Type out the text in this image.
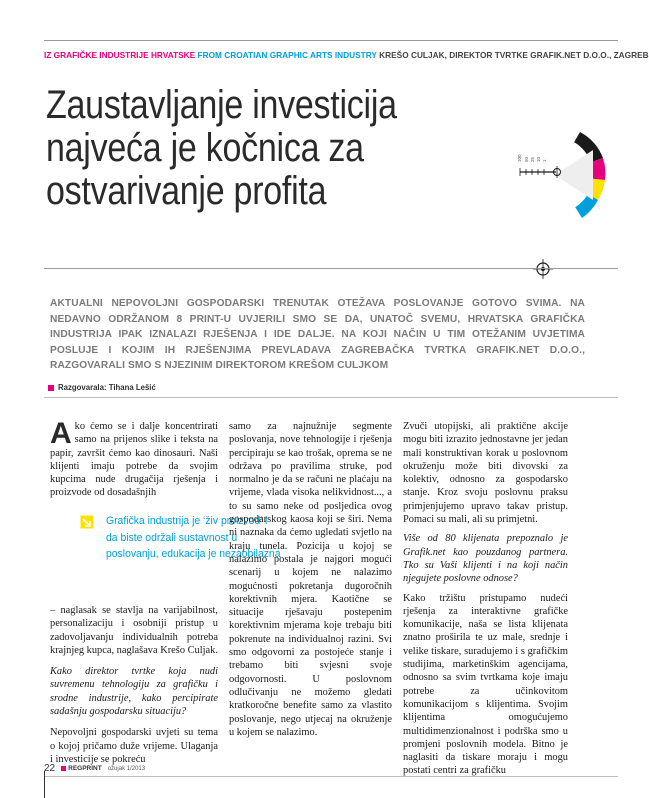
IZ GRAFIČKE INDUSTRIJE HRVATSKE FROM CROATIAN GRAPHIC ARTS INDUSTRY KREŠO CULJAK, DIREKTOR TVRTKE GRAFIK.NET D.O.O., ZAGREB
Zaustavljanje investicija
najveća je kočnica za
ostvarivanje profita
100 50 25 10 1

AKTUALNI NEPOVOLJNI GOSPODARSKI TRENUTAK OTEŽAVA POSLOVANJE GOTOVO SVIMA. NA NEDAVNO ODRŽANOM 8 PRINT-U UVJERILI SMO SE DA, UNATOČ SVEMU, HRVATSKA GRAFIČKA INDUSTRIJA IPAK IZNALAZI RJEŠENJA I IDE DALJE. NA KOJI NAČIN U TIM OTEŽANIM UVJETIMA POSLUJE I KOJIM IH RJEŠENJIMA PREVLADAVA ZAGREBAČKA TVRTKA GRAFIK.NET D.O.O., RAZGOVARALI SMO S NJEZINIM DIREKTOROM KREŠOM CULJKOM

Razgovarala: Tihana Lešić

Ako ćemo se i dalje koncentrirati samo na prijenos slike i teksta na papir, završit ćemo kao dinosauri. Naši klijenti imaju potrebe da svojim kupcima nude drugačija rješenja i proizvode od dosadašnjih

Grafička industrija je ‘živ proizvod’ i da biste održali sustavnost u poslovanju, edukacija je nezaobilazna

– naglasak se stavlja na varijabilnost, personalizaciju i osobniji pristup u zadovoljavanju individualnih potreba krajnjeg kupca, naglašava Krešo Culjak.

Kako direktor tvrtke koja nudi suvremenu tehnologiju za grafičku i srodne industrije, kako percipirate sadašnju gospodarsku situaciju?

Nepovoljni gospodarski uvjeti su tema o kojoj pričamo duže vrijeme. Ulaganja i investicije se pokreću

samo za najnužnije segmente poslovanja, nove tehnologije i rješenja percipiraju se kao trošak, oprema se ne održava po pravilima struke, pod normalno je da se računi ne plaćaju na vrijeme, vlada visoka nelikvidnost..., a to su samo neke od posljedica ovog gospodarskog kaosa koji se širi. Nema ni naznaka da ćemo ugledati svjetlo na kraju tunela. Pozicija u kojoj se nalazimo postala je najgori mogući scenarij u kojem ne nalazimo mogućnosti pokretanja dugoročnih korektivnih mjera. Kaotične se situacije rješavaju postepenim korektivnim mjerama koje trebaju biti pokrenute na individualnoj razini. Svi smo odgovorni za postojeće stanje i trebamo biti svjesni svoje odgovornosti. U poslovnom odlučivanju ne možemo gledati kratkoročne benefite samo za vlastito poslovanje, nego utjecaj na okruženje u kojem se nalazimo.

Zvuči utopijski, ali praktične akcije mogu biti izrazito jednostavne jer jedan mali konstruktivan korak u poslovnom okruženju može biti divovski za kolektiv, odnosno za gospodarsko stanje. Kroz svoju poslovnu praksu primjenjujemo upravo takav pristup. Pomaci su mali, ali su primjetni.

Više od 80 klijenata prepoznalo je Grafik.net kao pouzdanog partnera. Tko su Vaši klijenti i na koji način njegujete poslovne odnose?

Kako tržištu pristupamo nudeći rješenja za interaktivne grafičke komunikacije, naša se lista klijenata znatno proširila te uz male, srednje i velike tiskare, suradujemo i s grafičkim studijima, marketinškim agencijama, odnosno sa svim tvrtkama koje imaju potrebe za učinkovitom komunikacijom s klijentima. Svojim klijentima omogućujemo multidimenzionalnost i podrška smo u promjeni poslovnih modela. Bitno je naglasiti da tiskare moraju i mogu postati centri za grafičku

22 REGPRINT ožujak 1/2013
